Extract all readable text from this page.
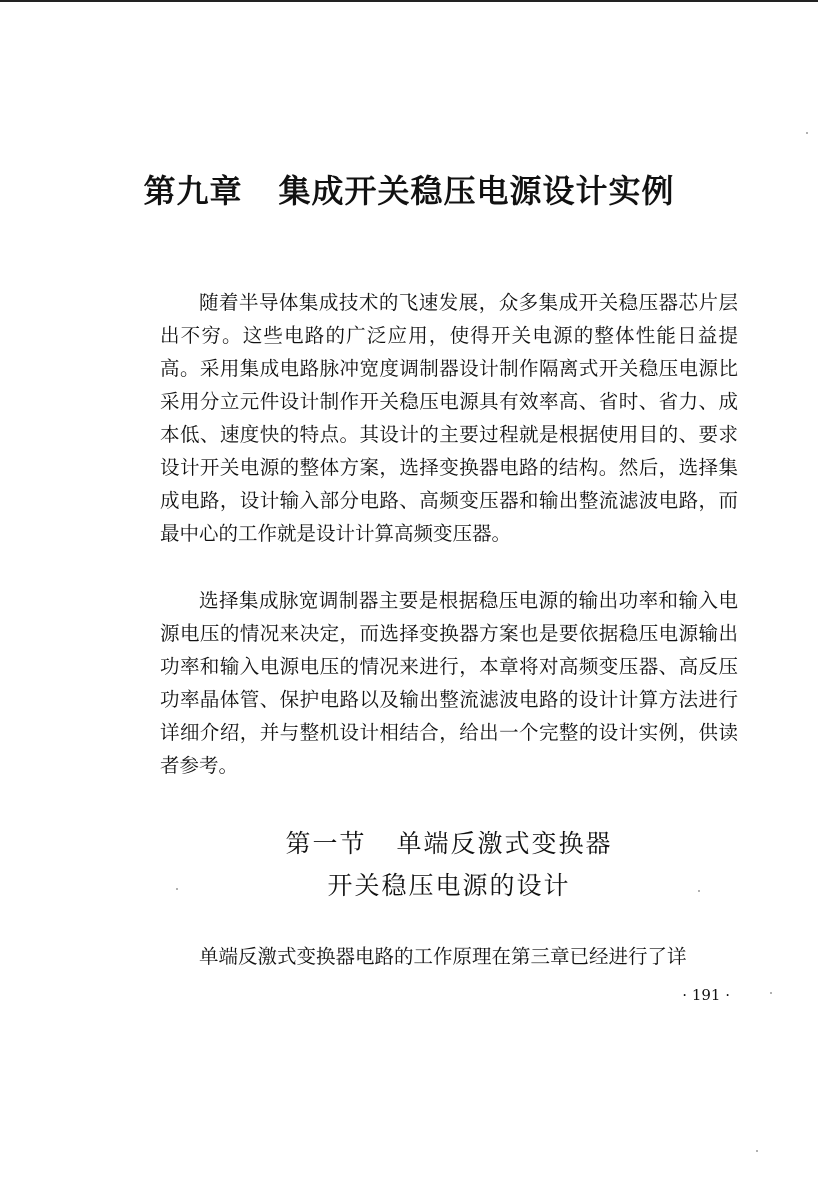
第九章 集成开关稳压电源设计实例

随着半导体集成技术的飞速发展，众多集成开关稳压器芯片层出不穷。这些电路的广泛应用，使得开关电源的整体性能日益提高。采用集成电路脉冲宽度调制器设计制作隔离式开关稳压电源比采用分立元件设计制作开关稳压电源具有效率高、省时、省力、成本低、速度快的特点。其设计的主要过程就是根据使用目的、要求设计开关电源的整体方案，选择变换器电路的结构。然后，选择集成电路，设计输入部分电路、高频变压器和输出整流滤波电路，而最中心的工作就是设计计算高频变压器。

选择集成脉宽调制器主要是根据稳压电源的输出功率和输入电源电压的情况来决定，而选择变换器方案也是要依据稳压电源输出功率和输入电源电压的情况来进行，本章将对高频变压器、高反压功率晶体管、保护电路以及输出整流滤波电路的设计计算方法进行详细介绍，并与整机设计相结合，给出一个完整的设计实例，供读者参考。

第一节 单端反激式变换器
开关稳压电源的设计

单端反激式变换器电路的工作原理在第三章已经进行了详

· 191 ·
